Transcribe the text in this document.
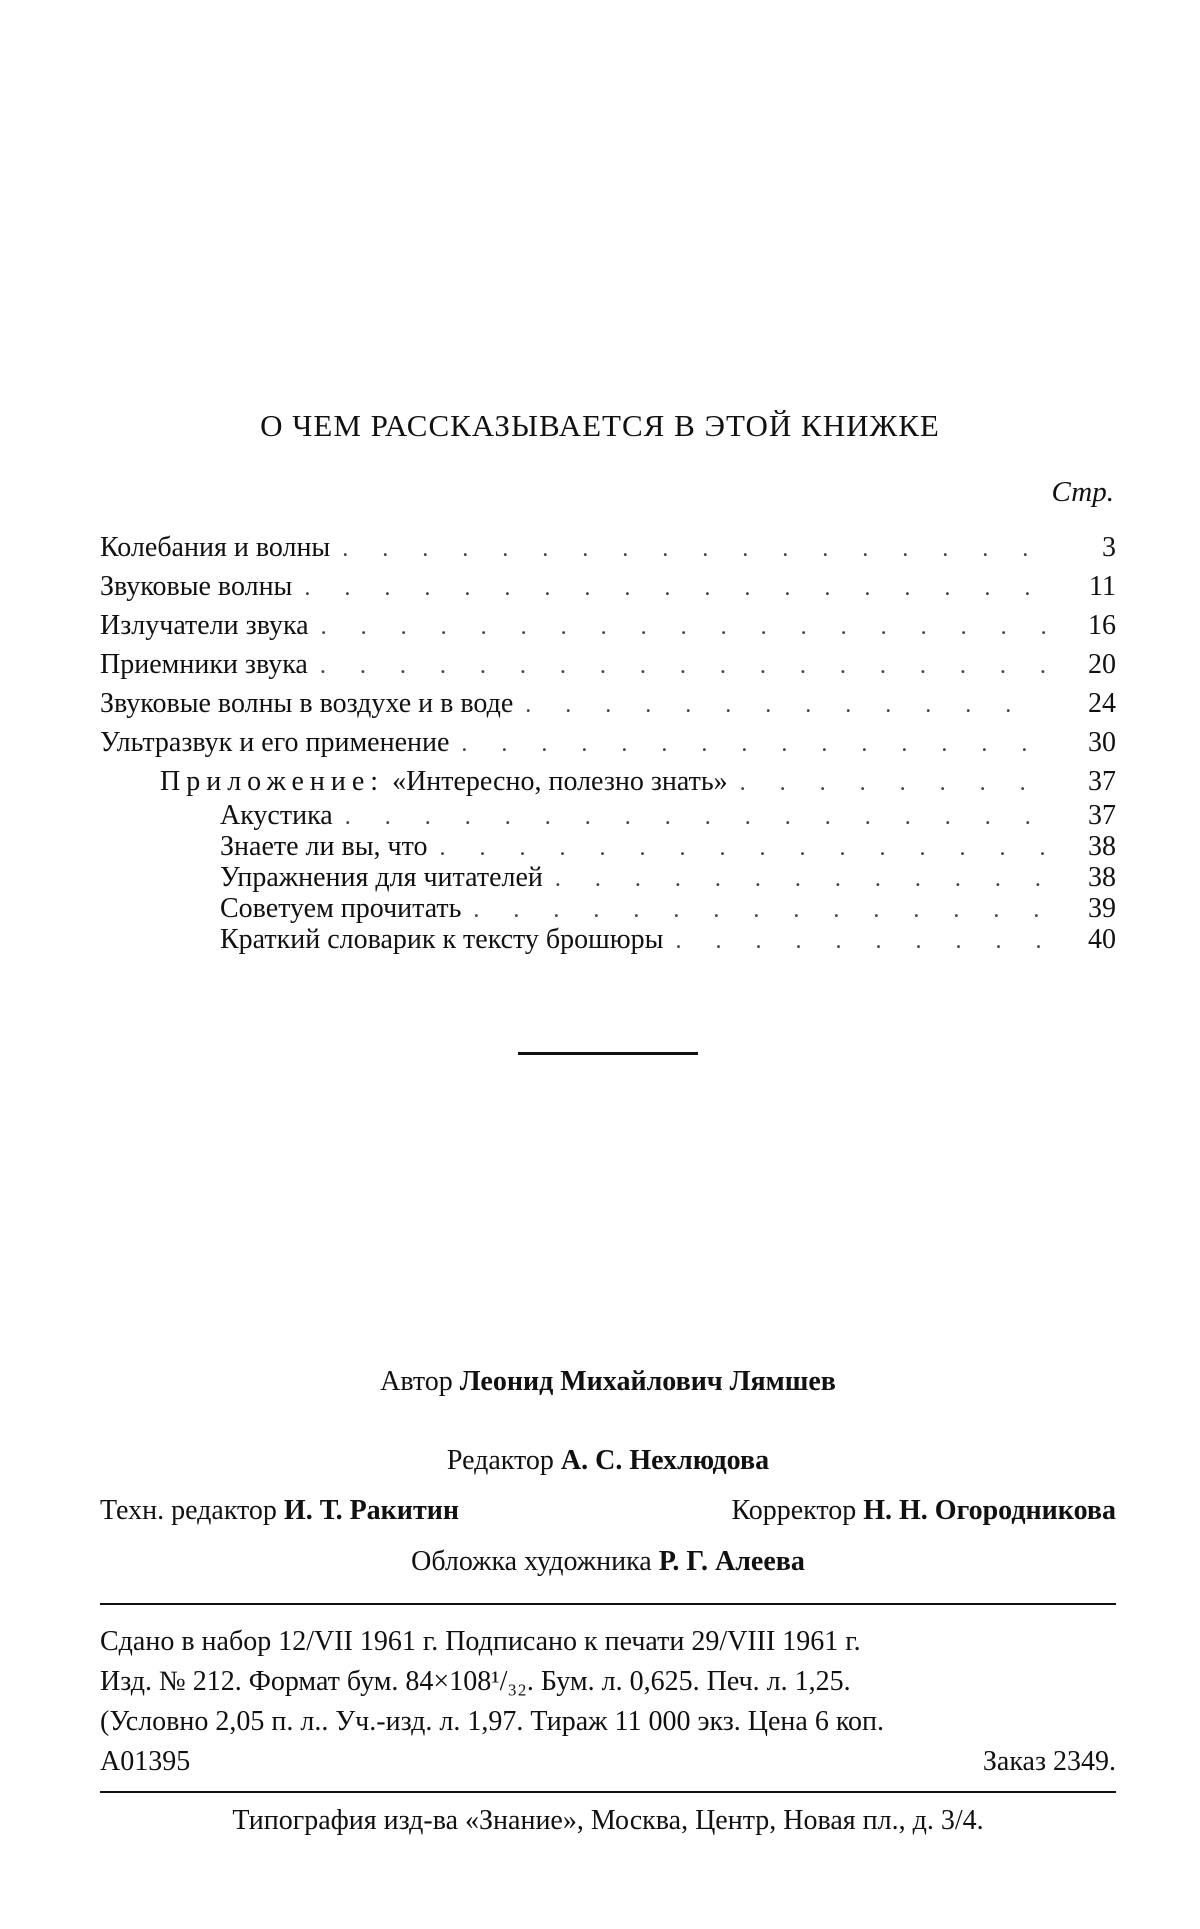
О ЧЕМ РАССКАЗЫВАЕТСЯ В ЭТОЙ КНИЖКЕ
Стр.
Колебания и волны . . .	3
Звуковые волны . . .	11
Излучатели звука . . .	16
Приемники звука . . .	20
Звуковые волны в воздухе и в воде . . .	24
Ультразвук и его применение . . .	30
Приложение: «Интересно, полезно знать» . . .	37
Акустика . . .	37
Знаете ли вы, что . . .	38
Упражнения для читателей . . .	38
Советуем прочитать . . .	39
Краткий словарик к тексту брошюры . . .	40
Автор Леонид Михайлович Лямшев
Редактор А. С. Нехлюдова
Техн. редактор И. Т. Ракитин	Корректор Н. Н. Огородникова
Обложка художника Р. Г. Алеева
Сдано в набор 12/VII 1961 г. Подписано к печати 29/VIII 1961 г.
Изд. № 212. Формат бум. 84×108¹/₃₂. Бум. л. 0,625. Печ. л. 1,25.
(Условно 2,05 п. л.. Уч.-изд. л. 1,97. Тираж 11 000 экз. Цена 6 коп.
А01395	Заказ 2349.
Типография изд-ва «Знание», Москва, Центр, Новая пл., д. 3/4.
